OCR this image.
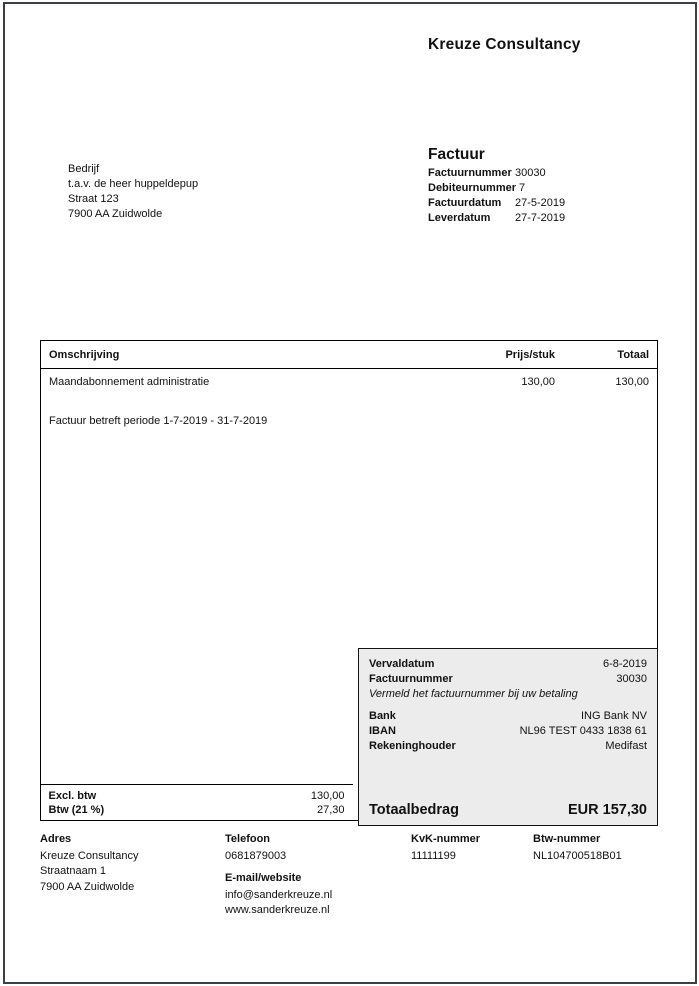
Kreuze Consultancy
Bedrijf
t.a.v. de heer huppeldepup
Straat 123
7900 AA Zuidwolde
Factuur
Factuurnummer 30030
Debiteurnummer 7
Factuurdatum	27-5-2019
Leverdatum	27-7-2019
Omschrijving	Prijs/stuk	Totaal
Maandabonnement administratie	130,00	130,00
Factuur betreft periode 1-7-2019 - 31-7-2019
Excl. btw	130,00
Btw (21 %)	27,30
Vervaldatum	6-8-2019
Factuurnummer	30030
Vermeld het factuurnummer bij uw betaling
Bank	ING Bank NV
IBAN	NL96 TEST 0433 1838 61
Rekeninghouder	Medifast
Totaalbedrag	EUR 157,30
Adres
Kreuze Consultancy
Straatnaam 1
7900 AA Zuidwolde
Telefoon
0681879003
E-mail/website
info@sanderkreuze.nl
www.sanderkreuze.nl
KvK-nummer
11111199
Btw-nummer
NL104700518B01
